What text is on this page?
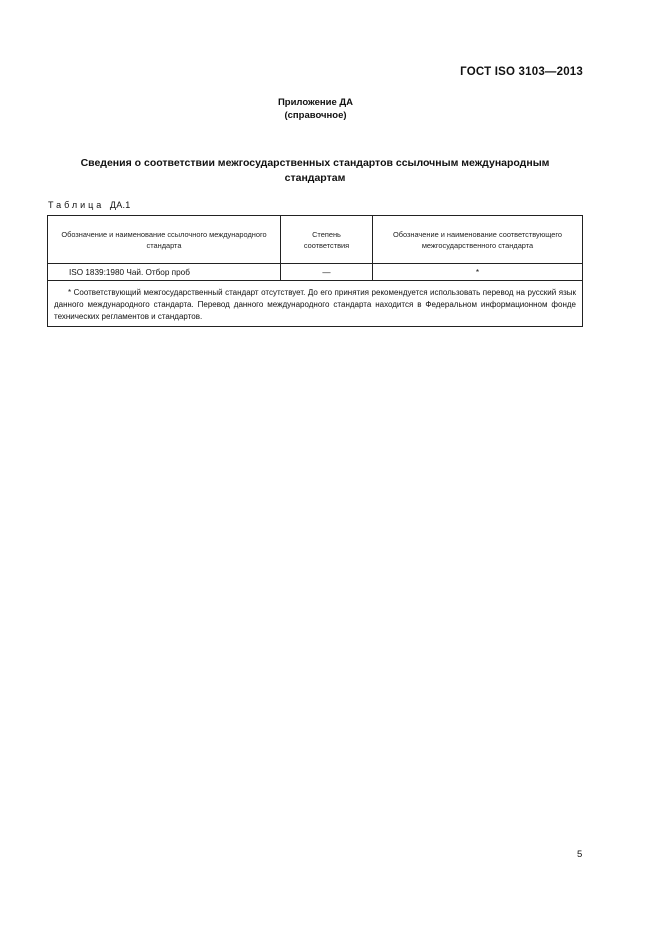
ГОСТ ISO 3103—2013
Приложение ДА
(справочное)
Сведения о соответствии межгосударственных стандартов ссылочным международным
стандартам
Таблица ДА.1
Обозначение и наименование ссылочного международного стандарта	Степень соответствия	Обозначение и наименование соответствующего межгосударственного стандарта
ISO 1839:1980 Чай. Отбор проб	—	*

* Соответствующий межгосударственный стандарт отсутствует. До его принятия рекомендуется использовать перевод на русский язык данного международного стандарта. Перевод данного международного стандарта находится в Федеральном информационном фонде технических регламентов и стандартов.		
5
